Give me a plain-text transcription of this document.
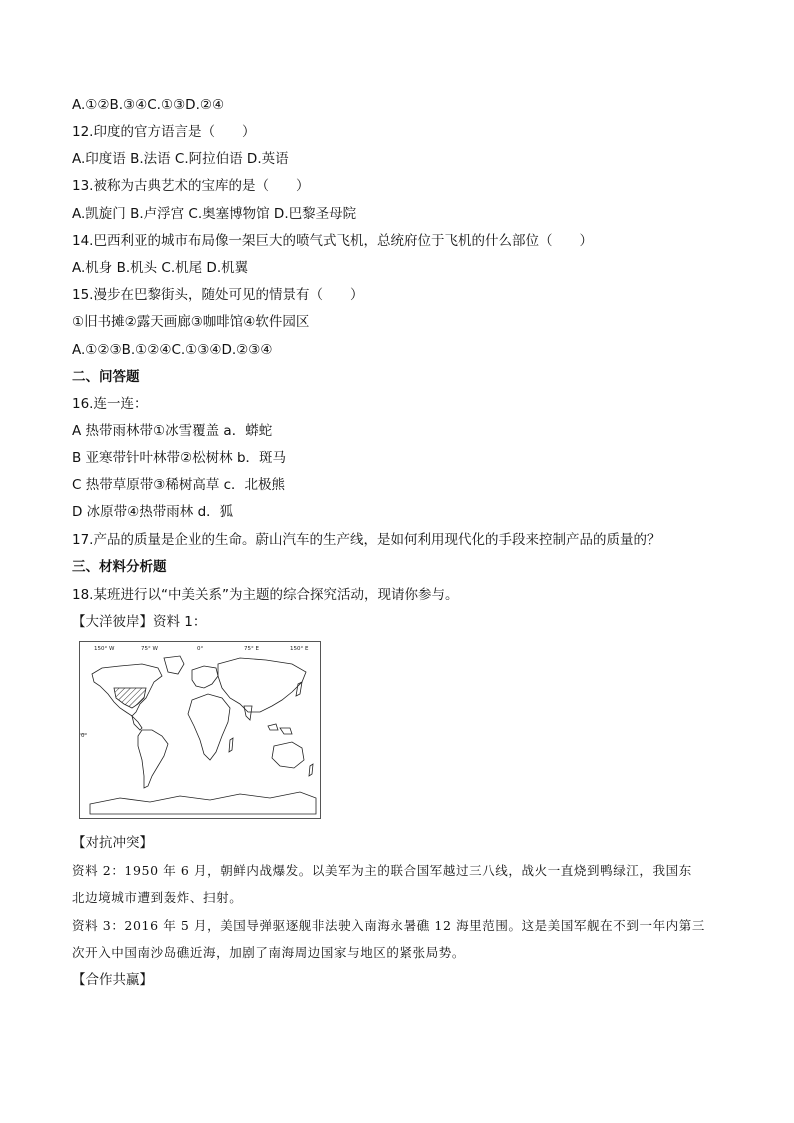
A.①②B.③④C.①③D.②④
12.印度的官方语言是（　　）
A.印度语 B.法语 C.阿拉伯语 D.英语
13.被称为古典艺术的宝库的是（　　）
A.凯旋门 B.卢浮宫 C.奥塞博物馆 D.巴黎圣母院
14.巴西利亚的城市布局像一架巨大的喷气式飞机，总统府位于飞机的什么部位（　　）
A.机身 B.机头 C.机尾 D.机翼
15.漫步在巴黎街头，随处可见的情景有（　　）
①旧书摊②露天画廊③咖啡馆④软件园区
A.①②③B.①②④C.①③④D.②③④
二、问答题
16.连一连：
A 热带雨林带①冰雪覆盖 a．蟒蛇
B 亚寒带针叶林带②松树林 b．斑马
C 热带草原带③稀树高草 c．北极熊
D 冰原带④热带雨林 d．狐
17.产品的质量是企业的生命。蔚山汽车的生产线，是如何利用现代化的手段来控制产品的质量的？
三、材料分析题
18.某班进行以“中美关系”为主题的综合探究活动，现请你参与。
【大洋彼岸】资料 1：
150° W	75° W	0°	75° E	150° E
0°
【对抗冲突】
资料 2：1950 年 6 月，朝鲜内战爆发。以美军为主的联合国军越过三八线，战火一直烧到鸭绿江，我国东
北边境城市遭到轰炸、扫射。
资料 3：2016 年 5 月，美国导弹驱逐舰非法驶入南海永暑礁 12 海里范围。这是美国军舰在不到一年内第三
次开入中国南沙岛礁近海，加剧了南海周边国家与地区的紧张局势。
【合作共赢】
